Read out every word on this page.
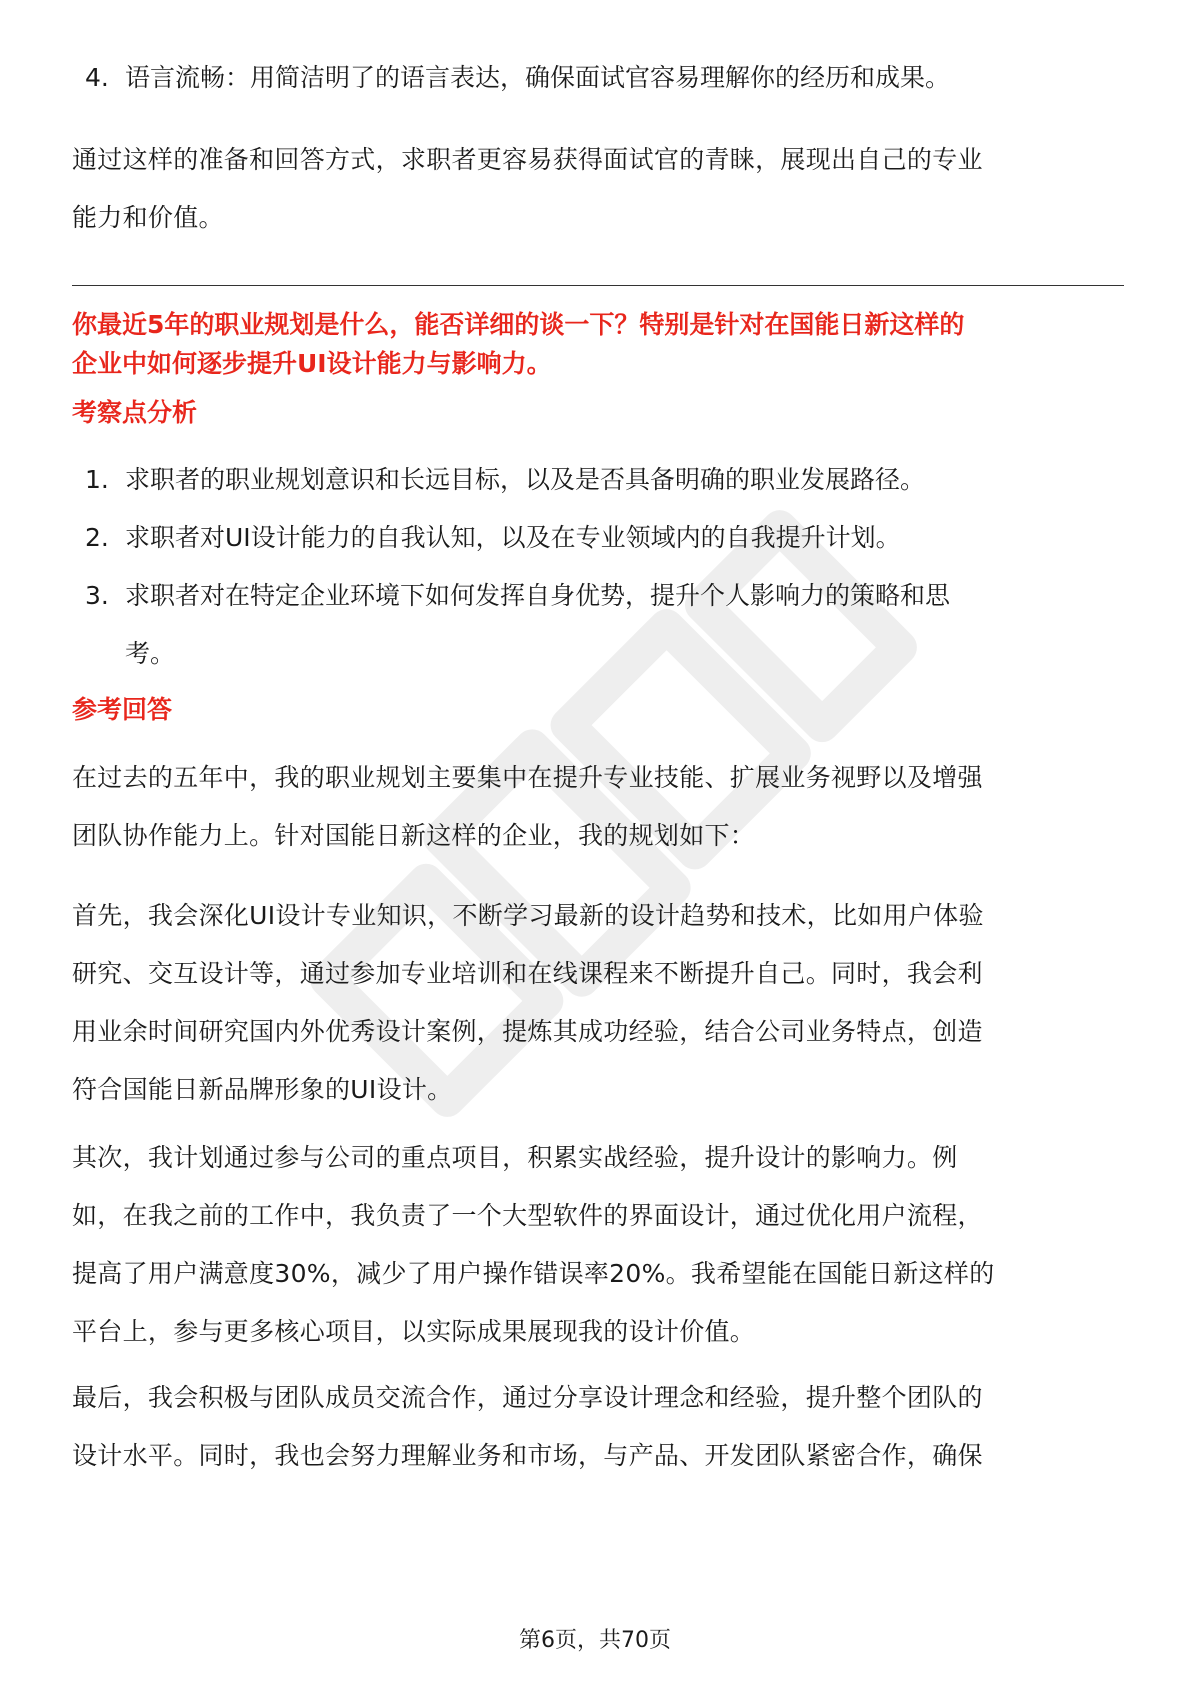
4. 语言流畅：用简洁明了的语言表达，确保面试官容易理解你的经历和成果。

通过这样的准备和回答方式，求职者更容易获得面试官的青睐，展现出自己的专业

能力和价值。

你最近5年的职业规划是什么，能否详细的谈一下？特别是针对在国能日新这样的

企业中如何逐步提升UI设计能力与影响力。

考察点分析

1. 求职者的职业规划意识和长远目标，以及是否具备明确的职业发展路径。
2. 求职者对UI设计能力的自我认知，以及在专业领域内的自我提升计划。
3. 求职者对在特定企业环境下如何发挥自身优势，提升个人影响力的策略和思
考。

参考回答

在过去的五年中，我的职业规划主要集中在提升专业技能、扩展业务视野以及增强

团队协作能力上。针对国能日新这样的企业，我的规划如下：

首先，我会深化UI设计专业知识，不断学习最新的设计趋势和技术，比如用户体验

研究、交互设计等，通过参加专业培训和在线课程来不断提升自己。同时，我会利

用业余时间研究国内外优秀设计案例，提炼其成功经验，结合公司业务特点，创造

符合国能日新品牌形象的UI设计。

其次，我计划通过参与公司的重点项目，积累实战经验，提升设计的影响力。例

如，在我之前的工作中，我负责了一个大型软件的界面设计，通过优化用户流程，

提高了用户满意度30%，减少了用户操作错误率20%。我希望能在国能日新这样的

平台上，参与更多核心项目，以实际成果展现我的设计价值。

最后，我会积极与团队成员交流合作，通过分享设计理念和经验，提升整个团队的

设计水平。同时，我也会努力理解业务和市场，与产品、开发团队紧密合作，确保

第6页，共70页
